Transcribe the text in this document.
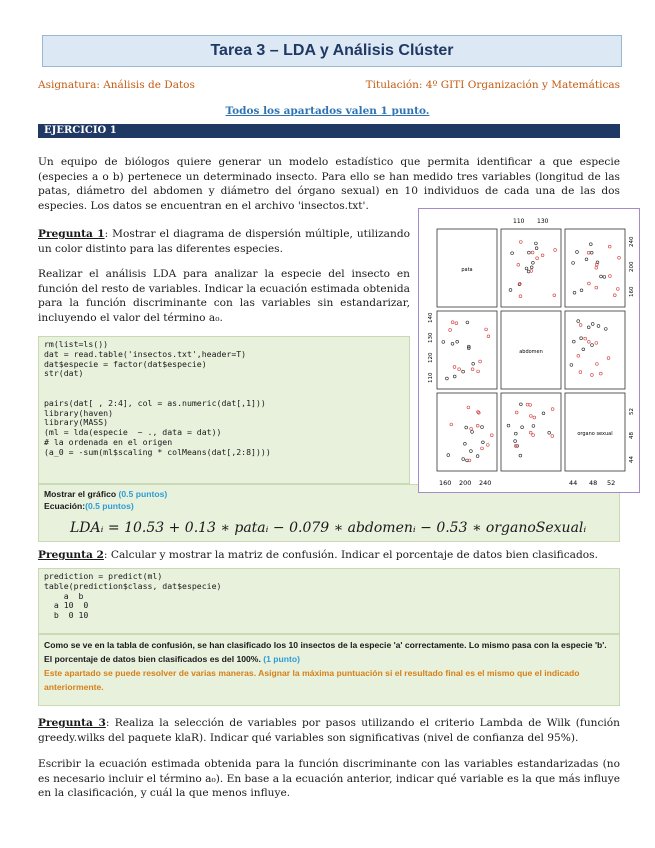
Tarea 3 – LDA y Análisis Clúster
Asignatura: Análisis de Datos	Titulación: 4º GITI Organización y Matemáticas
Todos los apartados valen 1 punto.
EJERCICIO 1
Un equipo de biólogos quiere generar un modelo estadístico que permita identificar a que especie (especies a o b) pertenece un determinado insecto. Para ello se han medido tres variables (longitud de las patas, diámetro del abdomen y diámetro del órgano sexual) en 10 individuos de cada una de las dos especies. Los datos se encuentran en el archivo 'insectos.txt'.
Pregunta 1: Mostrar el diagrama de dispersión múltiple, utilizando un color distinto para las diferentes especies.
Realizar el análisis LDA para analizar la especie del insecto en función del resto de variables. Indicar la ecuación estimada obtenida para la función discriminante con las variables sin estandarizar, incluyendo el valor del término a₀.
rm(list=ls())
dat = read.table('insectos.txt',header=T)
dat$especie = factor(dat$especie)
str(dat)

pairs(dat[ , 2:4], col = as.numeric(dat[,1]))
library(haven)
library(MASS)
(ml = lda(especie  ~ ., data = dat))
# la ordenada en el origen
(a_0 = -sum(ml$scaling * colMeans(dat[,2:8])))
Mostrar el gráfico (0.5 puntos)
Ecuación:(0.5 puntos)
LDAᵢ = 10.53 + 0.13 ∗ pataᵢ − 0.079 ∗ abdomenᵢ − 0.53 ∗ organoSexualᵢ
pata
abdomen
organo sexual
110 130
160 200 240	44 48 52
160
200
240
110
120
130
140
44
48
52
Pregunta 2: Calcular y mostrar la matriz de confusión. Indicar el porcentaje de datos bien clasificados.
prediction = predict(ml)
table(prediction$class, dat$especie)
a  b
a 10  0
b  0 10
Como se ve en la tabla de confusión, se han clasificado los 10 insectos de la especie 'a' correctamente. Lo mismo pasa con la especie 'b'. El porcentaje de datos bien clasificados es del 100%. (1 punto)
Este apartado se puede resolver de varias maneras. Asignar la máxima puntuación si el resultado final es el mismo que el indicado anteriormente.
Pregunta 3: Realiza la selección de variables por pasos utilizando el criterio Lambda de Wilk (función greedy.wilks del paquete klaR). Indicar qué variables son significativas (nivel de confianza del 95%).
Escribir la ecuación estimada obtenida para la función discriminante con las variables estandarizadas (no es necesario incluir el término a₀). En base a la ecuación anterior, indicar qué variable es la que más influye en la clasificación, y cuál la que menos influye.
